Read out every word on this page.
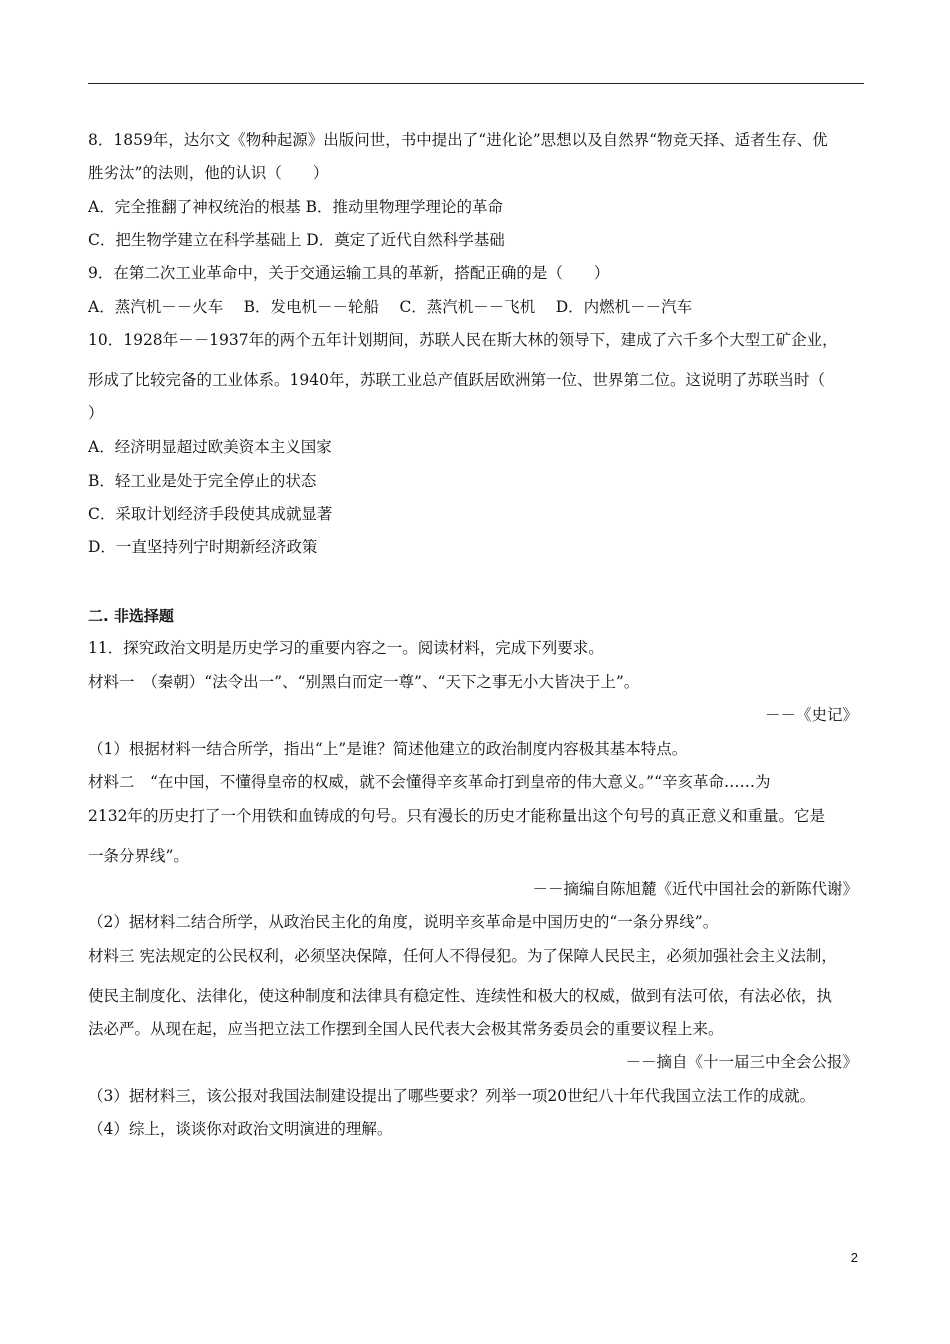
8．1859年，达尔文《物种起源》出版问世，书中提出了“进化论”思想以及自然界“物竞天择、适者生存、优
胜劣汰”的法则，他的认识（　　）
A．完全推翻了神权统治的根基 B．推动里物理学理论的革命
C．把生物学建立在科学基础上 D．奠定了近代自然科学基础
9．在第二次工业革命中，关于交通运输工具的革新，搭配正确的是（　　）
A．蒸汽机－－火车　 B．发电机－－轮船　 C．蒸汽机－－飞机　 D．内燃机－－汽车
10．1928年－－1937年的两个五年计划期间，苏联人民在斯大林的领导下，建成了六千多个大型工矿企业，
形成了比较完备的工业体系。1940年，苏联工业总产值跃居欧洲第一位、世界第二位。这说明了苏联当时（
）
A．经济明显超过欧美资本主义国家
B．轻工业是处于完全停止的状态
C．采取计划经济手段使其成就显著
D．一直坚持列宁时期新经济政策
二. 非选择题
11．探究政治文明是历史学习的重要内容之一。阅读材料，完成下列要求。
材料一　（秦朝）“法令出一”、“别黑白而定一尊”、“天下之事无小大皆决于上”。
－－《史记》
（1）根据材料一结合所学，指出“上”是谁？简述他建立的政治制度内容极其基本特点。
材料二　“在中国，不懂得皇帝的权威，就不会懂得辛亥革命打到皇帝的伟大意义。”“辛亥革命……为
2132年的历史打了一个用铁和血铸成的句号。只有漫长的历史才能称量出这个句号的真正意义和重量。它是
一条分界线”。
－－摘编自陈旭麓《近代中国社会的新陈代谢》
（2）据材料二结合所学，从政治民主化的角度，说明辛亥革命是中国历史的“一条分界线”。
材料三 宪法规定的公民权利，必须坚决保障，任何人不得侵犯。为了保障人民民主，必须加强社会主义法制，
使民主制度化、法律化，使这种制度和法律具有稳定性、连续性和极大的权威，做到有法可依，有法必依，执
法必严。从现在起，应当把立法工作摆到全国人民代表大会极其常务委员会的重要议程上来。
－－摘自《十一届三中全会公报》
（3）据材料三，该公报对我国法制建设提出了哪些要求？列举一项20世纪八十年代我国立法工作的成就。
（4）综上，谈谈你对政治文明演进的理解。
2
